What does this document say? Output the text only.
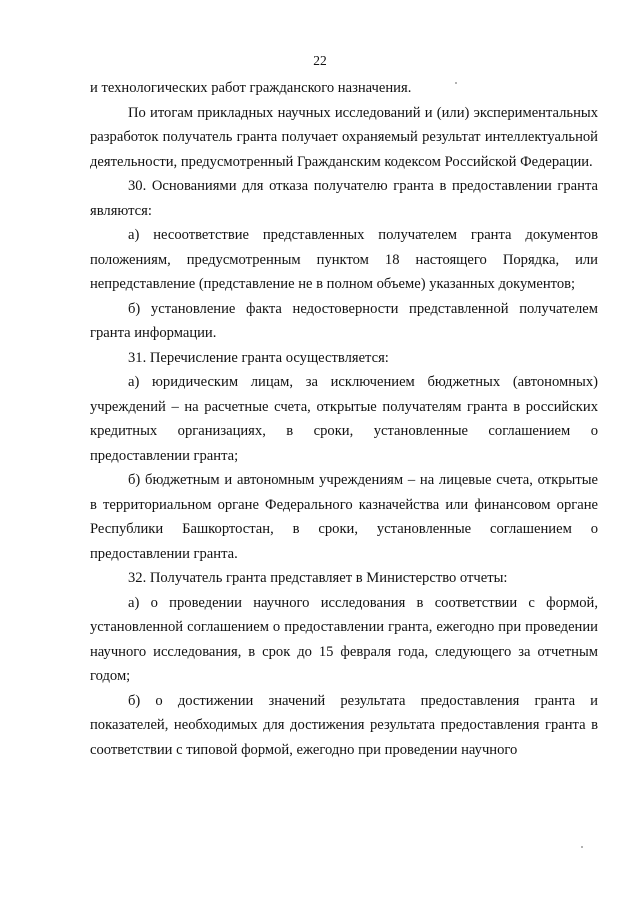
22

и технологических работ гражданского назначения.

По итогам прикладных научных исследований и (или) экспериментальных разработок получатель гранта получает охраняемый результат интеллектуальной деятельности, предусмотренный Гражданским кодексом Российской Федерации.

30. Основаниями для отказа получателю гранта в предоставлении гранта являются:

а) несоответствие представленных получателем гранта документов положениям, предусмотренным пунктом 18 настоящего Порядка, или непредставление (представление не в полном объеме) указанных документов;

б) установление факта недостоверности представленной получателем гранта информации.

31. Перечисление гранта осуществляется:

а) юридическим лицам, за исключением бюджетных (автономных) учреждений – на расчетные счета, открытые получателям гранта в российских кредитных организациях, в сроки, установленные соглашением о предоставлении гранта;

б) бюджетным и автономным учреждениям – на лицевые счета, открытые в территориальном органе Федерального казначейства или финансовом органе Республики Башкортостан, в сроки, установленные соглашением о предоставлении гранта.

32. Получатель гранта представляет в Министерство отчеты:

а) о проведении научного исследования в соответствии с формой, установленной соглашением о предоставлении гранта, ежегодно при проведении научного исследования, в срок до 15 февраля года, следующего за отчетным годом;

б) о достижении значений результата предоставления гранта и показателей, необходимых для достижения результата предоставления гранта в соответствии с типовой формой, ежегодно при проведении научного
